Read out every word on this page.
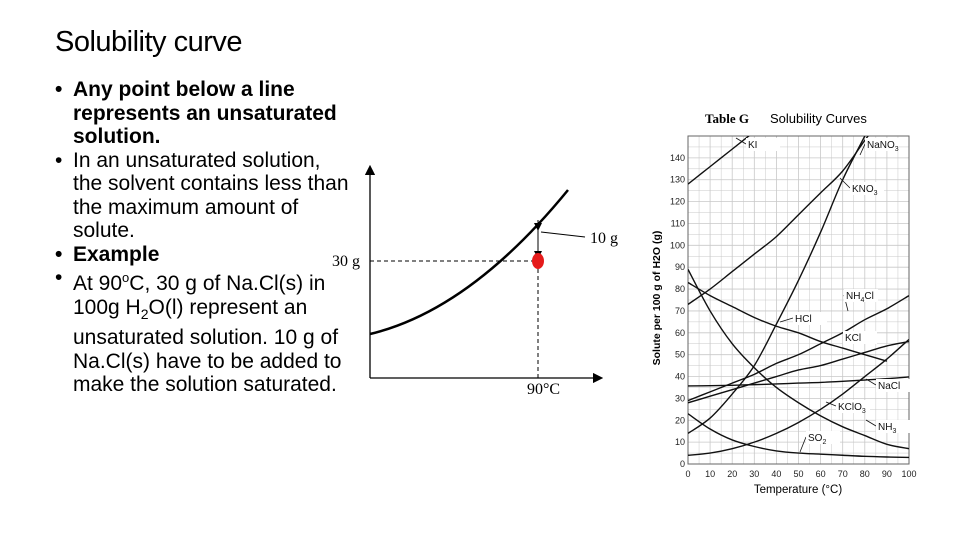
Solubility curve
• Any point below a line represents an unsaturated solution.
• In an unsaturated solution, the solvent contains less than the maximum amount of solute.
• Example
• At 90$^o$C, 30 g of Na.Cl(s) in 100g $H_2O(l)$ represent an unsaturated solution. 10 g of Na.Cl(s) have to be added to make the solution saturated.
30 g
90°C
10 g
0 10 20 30 40 50 60 70 80 90 100
0
10
20
30
40
50
60
70
80
90
100
110
120
130
140
KI	NaNO$_3$
$KNO_3$
$NH_4Cl$
HCl
KCl
NaCl
KClO$_3$
$NH_3$
$SO_2$
Table G Solubility Curves
Temperature (°C)
Solute per 100 g of H2O (g)
